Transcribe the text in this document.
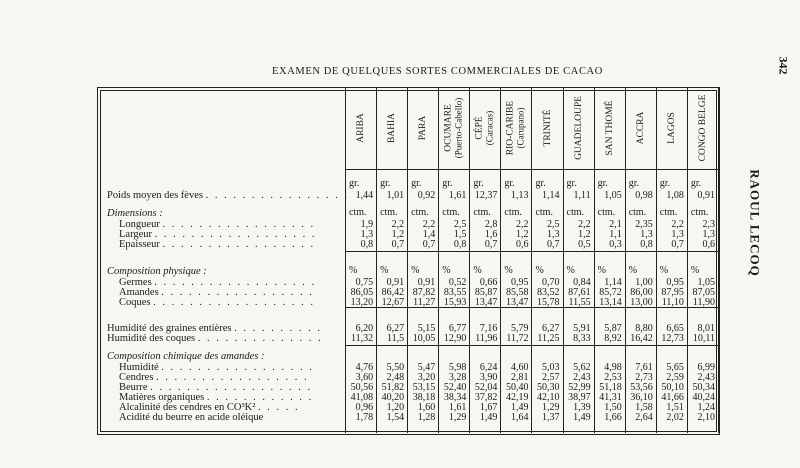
EXAMEN DE QUELQUES SORTES COMMERCIALES DE CACAO	342
RAOUL LECOQ
Poids moyen des fèves . . . . . . . . . . . . . . . .
Dimensions :
Longueur . . . . . . . . . . . . . . . . .
Largeur . . . . . . . . . . . . . . . . . .
Epaisseur . . . . . . . . . . . . . . . . .
Composition physique :
Germes . . . . . . . . . . . . . . . . . .
Amandes . . . . . . . . . . . . . . . . .
Coques . . . . . . . . . . . . . . . . . .
Humidité des graines entières . . . . . . . . . .
Humidité des coques . . . . . . . . . . . . . .
Composition chimique des amandes :
Humidité . . . . . . . . . . . . . . . . .
Cendres . . . . . . . . . . . . . . . . .
Beurre . . . . . . . . . . . . . . . . . .
Matières organiques . . . . . . . . . . . .
Alcalinité des cendres en CO³K² . . . . .
Acidité du beurre en acide oléique
ARIBA
gr.
ctm.
%
1,44
1,9
1,3
0,8
0,75
86,05
13,20
6,20
11,32
4,76
3,60
50,56
41,08
0,96
1,78
BAHIA
gr.
ctm.
%
1,01
2,2
1,2
0,7
0,91
86,42
12,67
6,27
11,5
5,50
2,48
51,82
40,20
1,20
1,54
PARA
gr.
ctm.
%
0,92
2,2
1,4
0,7
0,91
87,82
11,27
5,15
10,05
5,47
3,20
53,15
38,18
1,60
1,28
OCUMARE
(Puerto-Cabello)
gr.
ctm.
%
1,61
2,5
1,5
0,8
0,52
83,55
15,93
6,77
12,90
5,98
3,28
52,40
38,34
1,61
1,29
CÉPÉ
(Caracas)
gr.
ctm.
%
12,37
2,8
1,6
0,7
0,66
85,87
13,47
7,16
11,96
6,24
3,90
52,04
37,82
1,67
1,49
RIO-CARIBE
(Carupano)
gr.
ctm.
%
1,13
2,2
1,2
0,6
0,95
85,58
13,47
5,79
11,72
4,60
2,81
50,40
42,19
1,49
1,64
TRINITÉ
gr.
ctm.
%
1,14
2,5
1,3
0,7
0,70
83,52
15,78
6,27
11,25
5,03
2,57
50,30
42,10
1,29
1,37
GUADELOUPE
gr.
ctm.
%
1,11
2,2
1,2
0,5
0,84
87,61
11,55
5,91
8,33
5,62
2,43
52,99
38,97
1,39
1,49
SAN THOMÉ
gr.
ctm.
%
1,05
2,1
1,1
0,3
1,14
85,72
13,14
5,87
8,92
4,98
2,53
51,18
41,31
1,50
1,66
ACCRA
gr.
ctm.
%
0,98
2,35
1,3
0,8
1,00
86,00
13,00
8,80
16,42
7,61
2,73
53,56
36,10
1,58
2,64
LAGOS
gr.
ctm.
%
1,08
2,2
1,3
0,7
0,95
87,95
11,10
6,65
12,73
5,65
2,59
50,10
41,66
1,51
2,02
CONGO BELGE
gr.
ctm.
%
0,91
2,3
1,3
0,6
1,05
87,05
11,90
8,01
10,11
6,99
2,43
50,34
40,24
1,24
2,10
